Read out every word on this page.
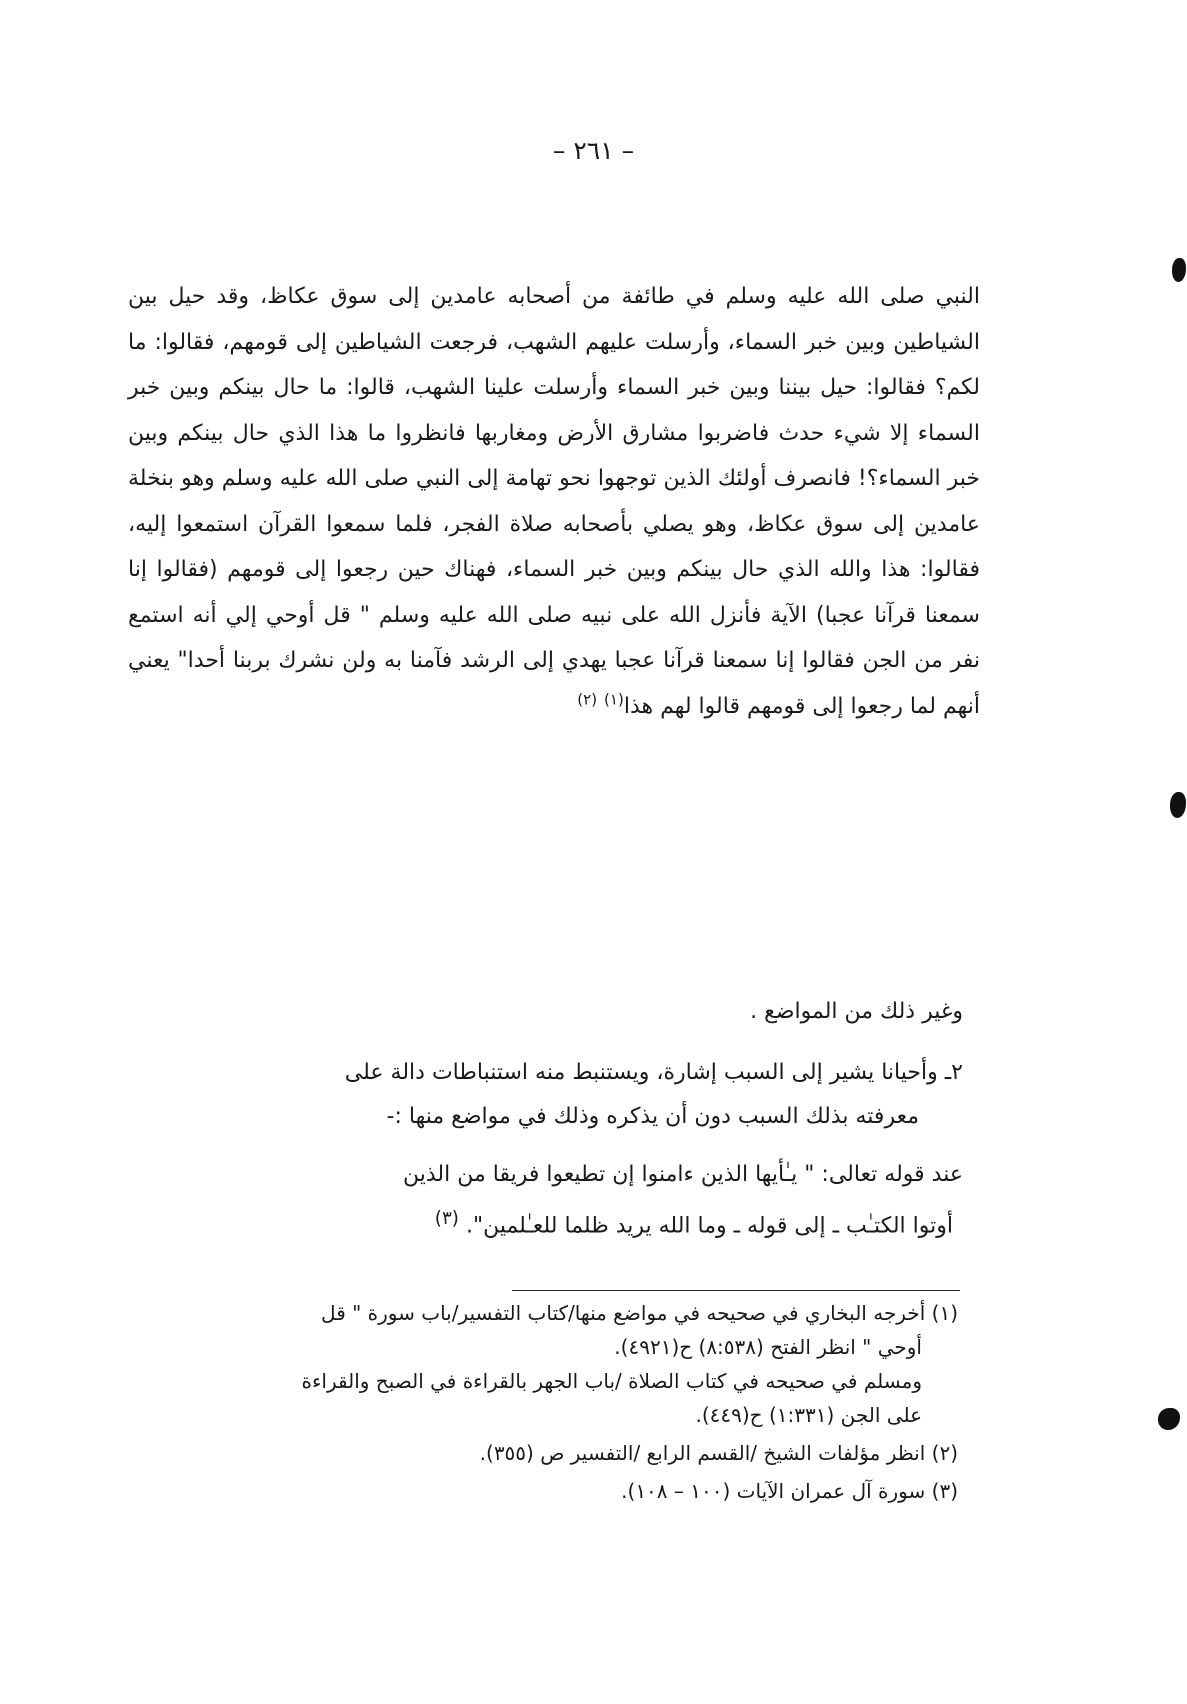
– ٢٦١ –

النبي صلى الله عليه وسلم في طائفة من أصحابه عامدين إلى سوق عكاظ، وقد حيل بين الشياطين وبين خبر السماء، وأرسلت عليهم الشهب، فرجعت الشياطين إلى قومهم، فقالوا: ما لكم؟ فقالوا: حيل بيننا وبين خبر السماء وأرسلت علينا الشهب، قالوا: ما حال بينكم وبين خبر السماء إلا شيء حدث فاضربوا مشارق الأرض ومغاربها فانظروا ما هذا الذي حال بينكم وبين خبر السماء؟! فانصرف أولئك الذين توجهوا نحو تهامة إلى النبي صلى الله عليه وسلم وهو بنخلة عامدين إلى سوق عكاظ، وهو يصلي بأصحابه صلاة الفجر، فلما سمعوا القرآن استمعوا إليه، فقالوا: هذا والله الذي حال بينكم وبين خبر السماء، فهناك حين رجعوا إلى قومهم (فقالوا إنا سمعنا قرآنا عجبا) الآية فأنزل الله على نبيه صلى الله عليه وسلم " قل أوحي إلي أنه استمع نفر من الجن فقالوا إنا سمعنا قرآنا عجبا يهدي إلى الرشد فآمنا به ولن نشرك بربنا أحدا" يعني أنهم لما رجعوا إلى قومهم قالوا لهم هذا$^{(١)}$ $^{(٢)}$

وغير ذلك من المواضع .

٢ـ وأحيانا يشير إلى السبب إشارة، ويستنبط منه استنباطات دالة على
معرفته بذلك السبب دون أن يذكره وذلك في مواضع منها :-

عند قوله تعالى: " يـٰأيها الذين ءامنوا إن تطيعوا فريقا من الذين
أوتوا الكتـٰب ـ إلى قوله ـ وما الله يريد ظلما للعـٰلمين". $^{(٣)}$

(١) أخرجه البخاري في صحيحه في مواضع منها/كتاب التفسير/باب سورة " قل
أوحي " انظر الفتح (٨:٥٣٨) ح(٤٩٢١).
ومسلم في صحيحه في كتاب الصلاة /باب الجهر بالقراءة في الصبح والقراءة
على الجن (١:٣٣١) ح(٤٤٩).
(٢) انظر مؤلفات الشيخ /القسم الرابع /التفسير ص (٣٥٥).
(٣) سورة آل عمران الآيات (١٠٠ – ١٠٨).
